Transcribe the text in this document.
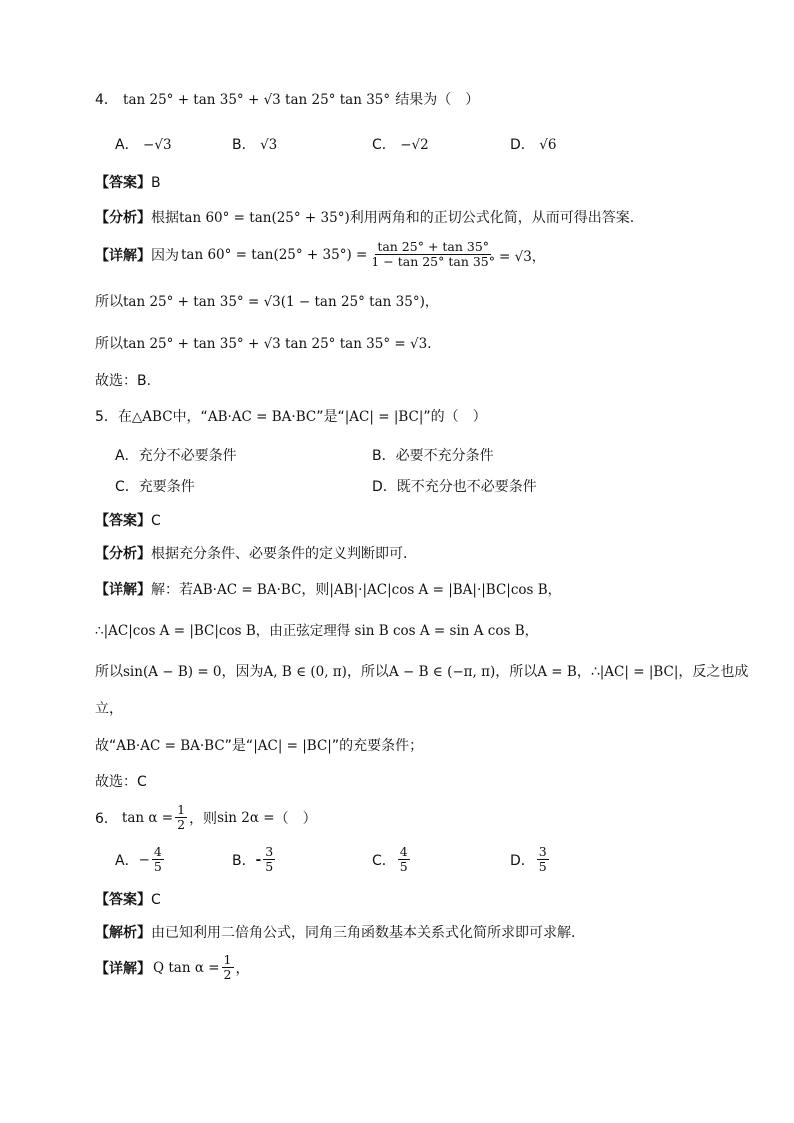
4． tan 25° + tan 35° + √3 tan 25° tan 35° 结果为（　）
A． −√3	B． √3	C． −√2	D． √6
【答案】B
【分析】根据tan 60° = tan(25° + 35°)利用两角和的正切公式化简，从而可得出答案.
【详解】 因为 $\tan 60^\circ = \tan(25^\circ + 35^\circ) = \frac{\tan 25^\circ + \tan 35^\circ}{1 - \tan 25^\circ \tan 35^\circ} = √3$，
所以tan 25° + tan 35° = √3(1 − tan 25° tan 35°)，
所以tan 25° + tan 35° + √3 tan 25° tan 35° = √3.
故选：B.
5．在△ABC中，“AB·AC = BA·BC”是“|AC| = |BC|”的（　）
A．充分不必要条件	B．必要不充分条件
C．充要条件	D．既不充分也不必要条件
【答案】C
【分析】根据充分条件、必要条件的定义判断即可.
【详解】解：若AB·AC = BA·BC，则|AB|·|AC|cos A = |BA|·|BC|cos B，
∴|AC|cos A = |BC|cos B，由正弦定理得 sin B cos A = sin A cos B，
所以sin(A − B) = 0，因为A, B ∈ (0, π)，所以A − B ∈ (−π, π)，所以A = B，∴|AC| = |BC|，反之也成
立，
故“AB·AC = BA·BC”是“|AC| = |BC|”的充要条件；
故选：C
6． $\tan \alpha = \frac{1}{2}$ ，则 sin 2α = （　）
A． − $\frac{4}{5}$	B． - $\frac{3}{5}$	C． $\frac{4}{5}$	D． $\frac{3}{5}$
【答案】C
【解析】由已知利用二倍角公式，同角三角函数基本关系式化简所求即可求解．
【详解】 Q $\tan \alpha = \frac{1}{2}$ ，
